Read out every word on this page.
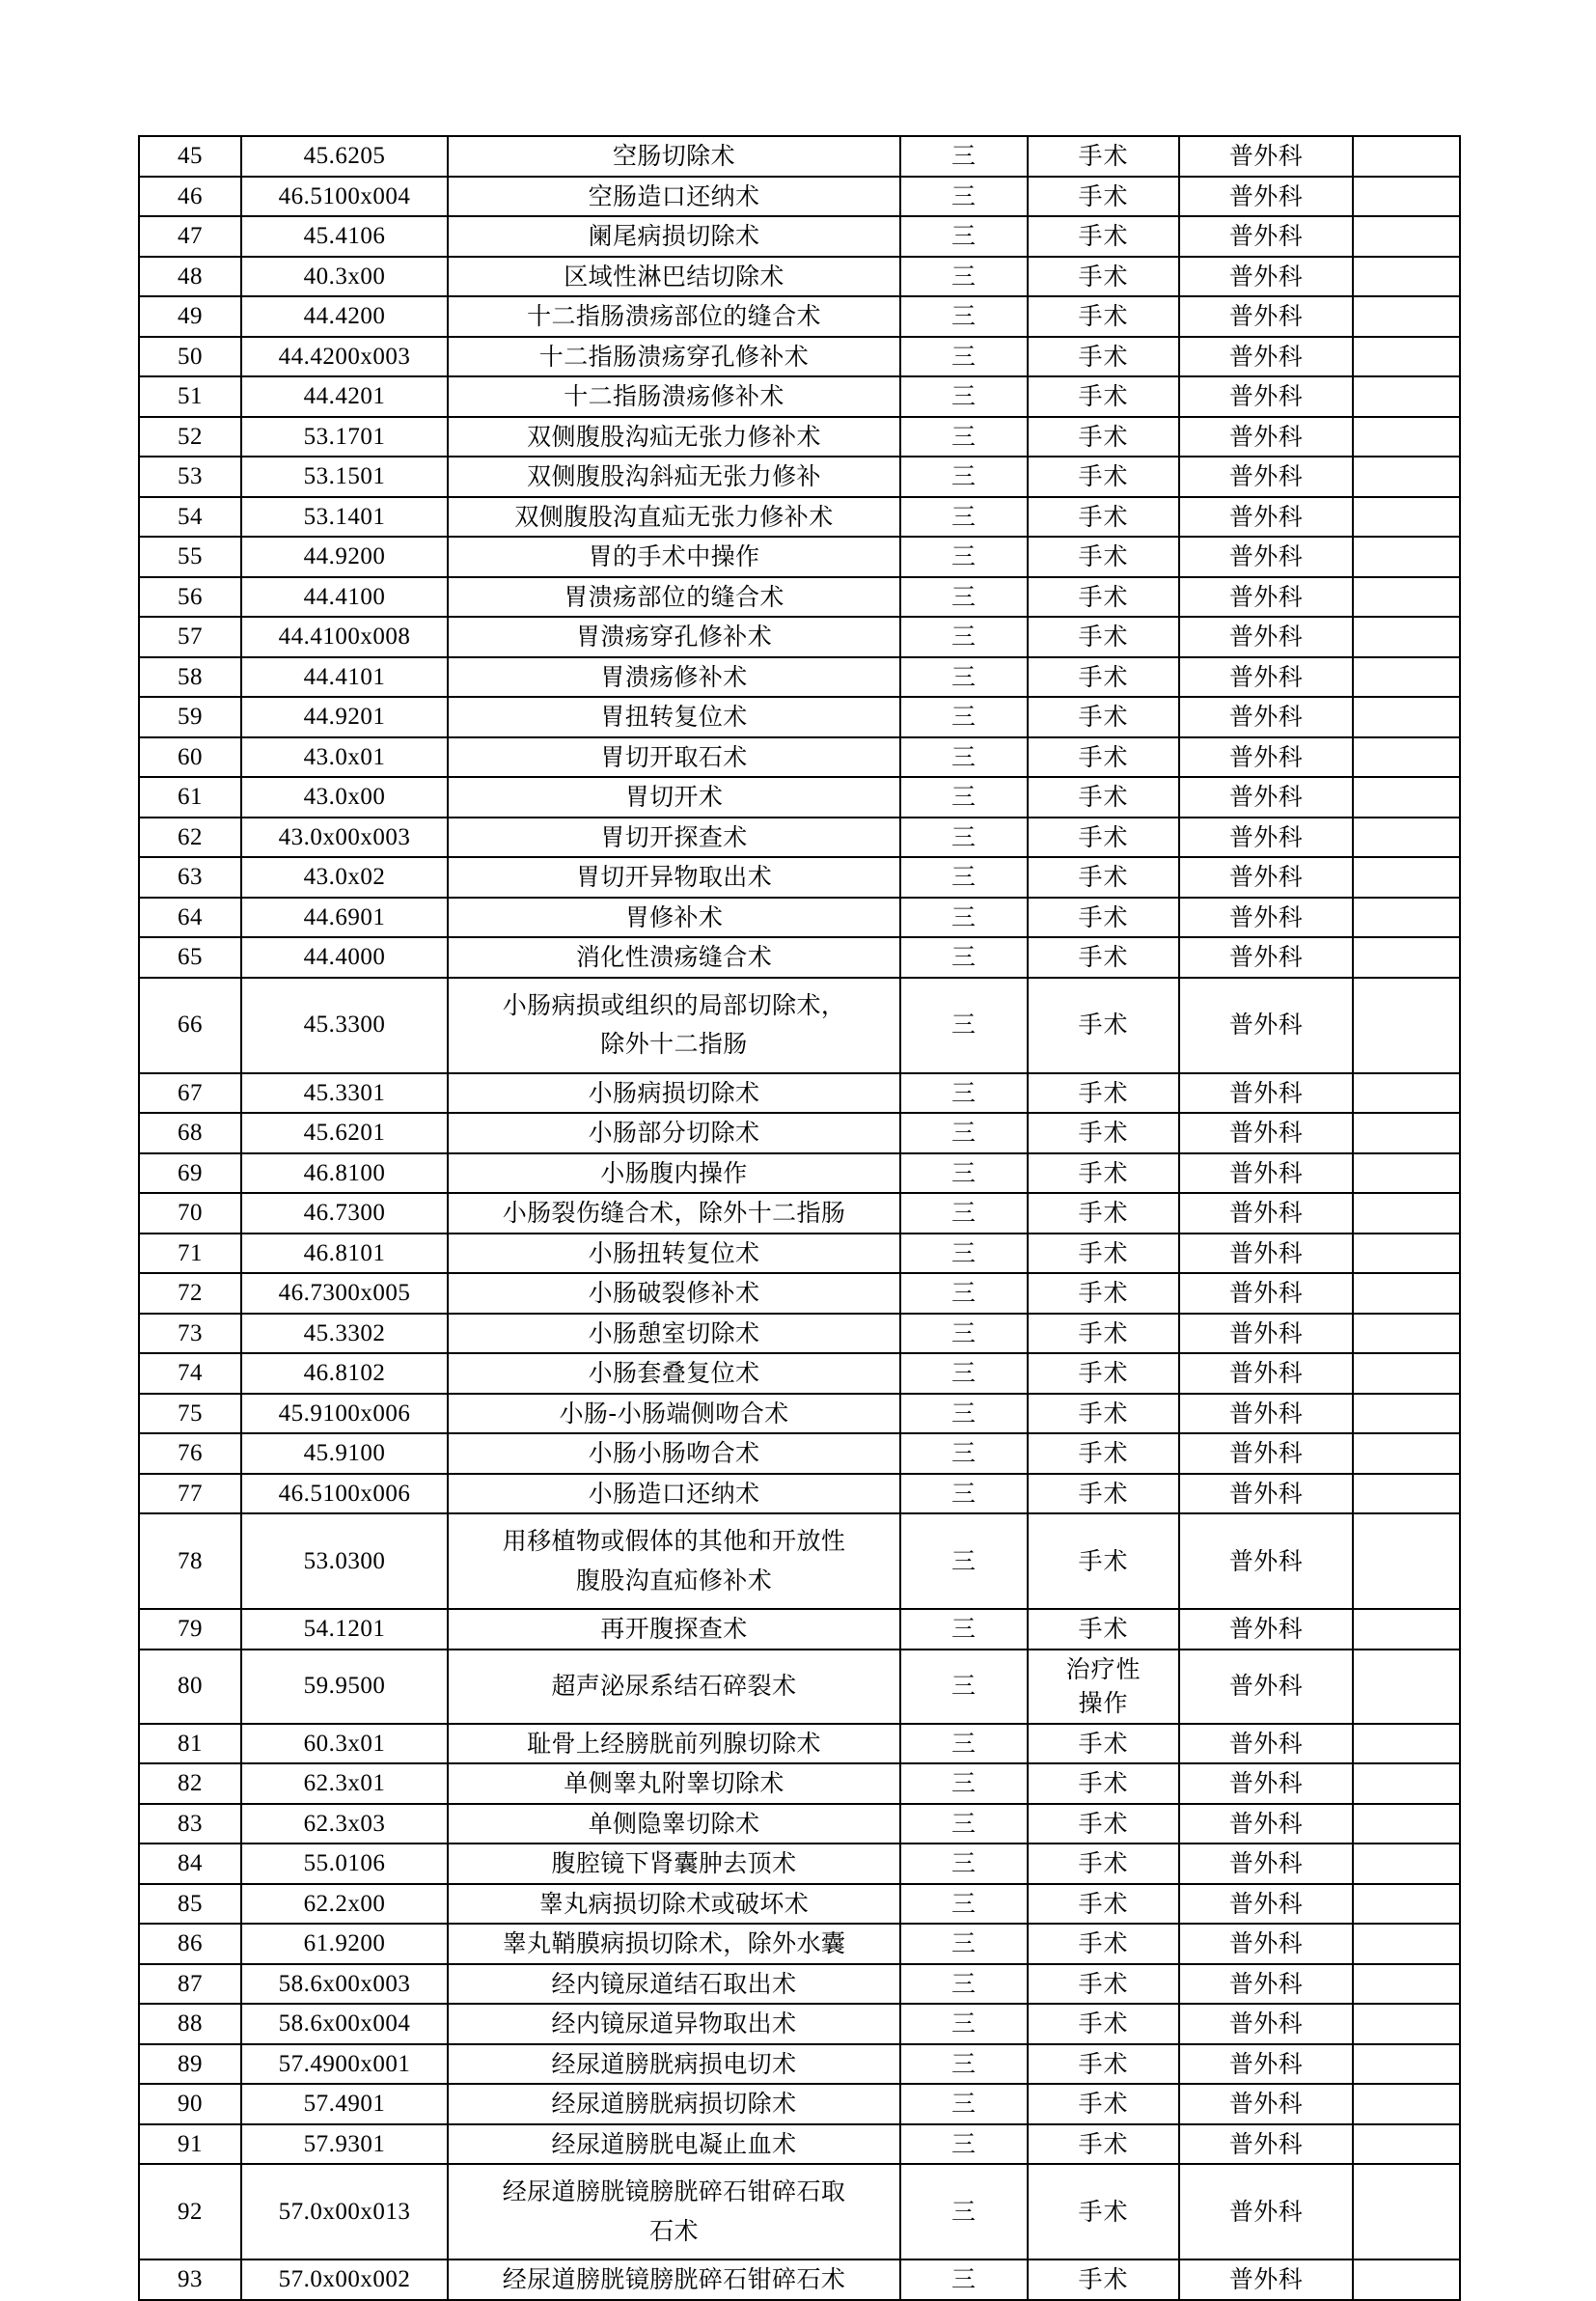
45	45.6205	空肠切除术	三	手术	普外科	
46	46.5100x004	空肠造口还纳术	三	手术	普外科	
47	45.4106	阑尾病损切除术	三	手术	普外科	
48	40.3x00	区域性淋巴结切除术	三	手术	普外科	
49	44.4200	十二指肠溃疡部位的缝合术	三	手术	普外科	
50	44.4200x003	十二指肠溃疡穿孔修补术	三	手术	普外科	
51	44.4201	十二指肠溃疡修补术	三	手术	普外科	
52	53.1701	双侧腹股沟疝无张力修补术	三	手术	普外科	
53	53.1501	双侧腹股沟斜疝无张力修补	三	手术	普外科	
54	53.1401	双侧腹股沟直疝无张力修补术	三	手术	普外科	
55	44.9200	胃的手术中操作	三	手术	普外科	
56	44.4100	胃溃疡部位的缝合术	三	手术	普外科	
57	44.4100x008	胃溃疡穿孔修补术	三	手术	普外科	
58	44.4101	胃溃疡修补术	三	手术	普外科	
59	44.9201	胃扭转复位术	三	手术	普外科	
60	43.0x01	胃切开取石术	三	手术	普外科	
61	43.0x00	胃切开术	三	手术	普外科	
62	43.0x00x003	胃切开探查术	三	手术	普外科	
63	43.0x02	胃切开异物取出术	三	手术	普外科	
64	44.6901	胃修补术	三	手术	普外科	
65	44.4000	消化性溃疡缝合术	三	手术	普外科	
66	45.3300	小肠病损或组织的局部切除术，
除外十二指肠	三	手术	普外科	
67	45.3301	小肠病损切除术	三	手术	普外科	
68	45.6201	小肠部分切除术	三	手术	普外科	
69	46.8100	小肠腹内操作	三	手术	普外科	
70	46.7300	小肠裂伤缝合术，除外十二指肠	三	手术	普外科	
71	46.8101	小肠扭转复位术	三	手术	普外科	
72	46.7300x005	小肠破裂修补术	三	手术	普外科	
73	45.3302	小肠憩室切除术	三	手术	普外科	
74	46.8102	小肠套叠复位术	三	手术	普外科	
75	45.9100x006	小肠-小肠端侧吻合术	三	手术	普外科	
76	45.9100	小肠小肠吻合术	三	手术	普外科	
77	46.5100x006	小肠造口还纳术	三	手术	普外科	
78	53.0300	用移植物或假体的其他和开放性
腹股沟直疝修补术	三	手术	普外科	
79	54.1201	再开腹探查术	三	手术	普外科	
80	59.9500	超声泌尿系结石碎裂术	三	治疗性
操作	普外科	
81	60.3x01	耻骨上经膀胱前列腺切除术	三	手术	普外科	
82	62.3x01	单侧睾丸附睾切除术	三	手术	普外科	
83	62.3x03	单侧隐睾切除术	三	手术	普外科	
84	55.0106	腹腔镜下肾囊肿去顶术	三	手术	普外科	
85	62.2x00	睾丸病损切除术或破坏术	三	手术	普外科	
86	61.9200	睾丸鞘膜病损切除术，除外水囊	三	手术	普外科	
87	58.6x00x003	经内镜尿道结石取出术	三	手术	普外科	
88	58.6x00x004	经内镜尿道异物取出术	三	手术	普外科	
89	57.4900x001	经尿道膀胱病损电切术	三	手术	普外科	
90	57.4901	经尿道膀胱病损切除术	三	手术	普外科	
91	57.9301	经尿道膀胱电凝止血术	三	手术	普外科	
92	57.0x00x013	经尿道膀胱镜膀胱碎石钳碎石取
石术	三	手术	普外科	
93	57.0x00x002	经尿道膀胱镜膀胱碎石钳碎石术	三	手术	普外科	
